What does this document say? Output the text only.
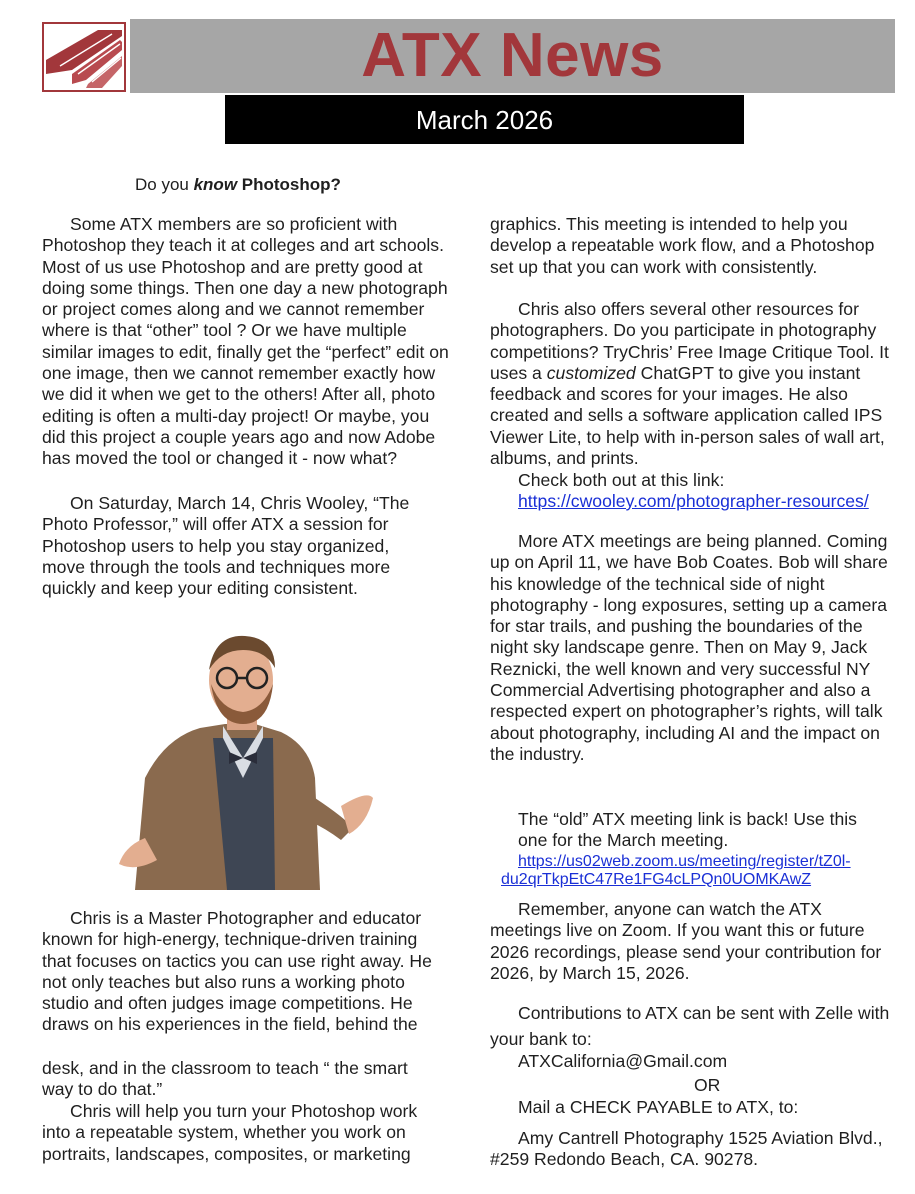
ATX News
March 2026

Do you know Photoshop?

Some ATX members are so proficient with Photoshop they teach it at colleges and art schools. Most of us use Photoshop and are pretty good at doing some things. Then one day a new photograph or project comes along and we cannot remember where is that “other” tool ? Or we have multiple similar images to edit, finally get the “perfect” edit on one image, then we cannot remember exactly how we did it when we get to the others! After all, photo editing is often a multi-day project! Or maybe, you did this project a couple years ago and now Adobe has moved the tool or changed it - now what?

On Saturday, March 14, Chris Wooley, “The Photo Professor,” will offer ATX a session for Photoshop users to help you stay organized, move through the tools and techniques more quickly and keep your editing consistent.

Chris is a Master Photographer and educator known for high-energy, technique-driven training that focuses on tactics you can use right away. He not only teaches but also runs a working photo studio and often judges image competitions. He draws on his experiences in the field, behind the

desk, and in the classroom to teach “ the smart way to do that.”

Chris will help you turn your Photoshop work into a repeatable system, whether you work on portraits, landscapes, composites, or marketing

graphics. This meeting is intended to help you develop a repeatable work flow, and a Photoshop set up that you can work with consistently.

Chris also offers several other resources for photographers. Do you participate in photography competitions? TryChris’ Free Image Critique Tool. It uses a customized ChatGPT to give you instant feedback and scores for your images. He also created and sells a software application called IPS Viewer Lite, to help with in-person sales of wall art, albums, and prints.

Check both out at this link:

https://cwooley.com/photographer-resources/

More ATX meetings are being planned. Coming up on April 11, we have Bob Coates. Bob will share his knowledge of the technical side of night photography - long exposures, setting up a camera for star trails, and pushing the boundaries of the night sky landscape genre. Then on May 9, Jack Reznicki, the well known and very successful NY Commercial Advertising photographer and also a respected expert on photographer’s rights, will talk about photography, including AI and the impact on the industry.

The “old” ATX meeting link is back! Use this one for the March meeting.

https://us02web.zoom.us/meeting/register/tZ0l-
du2qrTkpEtC47Re1FG4cLPQn0UOMKAwZ

Remember, anyone can watch the ATX meetings live on Zoom. If you want this or future 2026 recordings, please send your contribution for 2026, by March 15, 2026.

Contributions to ATX can be sent with Zelle with your bank to:

ATXCalifornia@Gmail.com

OR

Mail a CHECK PAYABLE to ATX, to:

Amy Cantrell Photography 1525 Aviation Blvd., #259 Redondo Beach, CA. 90278.
